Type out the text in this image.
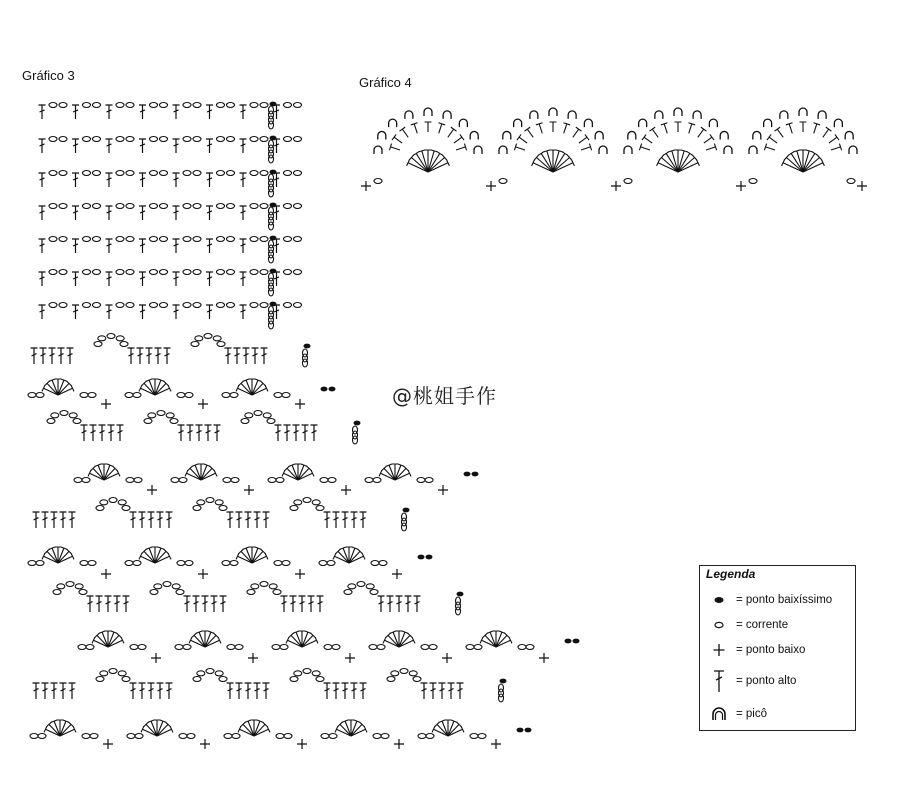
Gráfico 3	Gráfico 4
@桃姐手作
Legenda
= ponto baixíssimo
= corrente
= ponto baixo
= ponto alto
= picô
